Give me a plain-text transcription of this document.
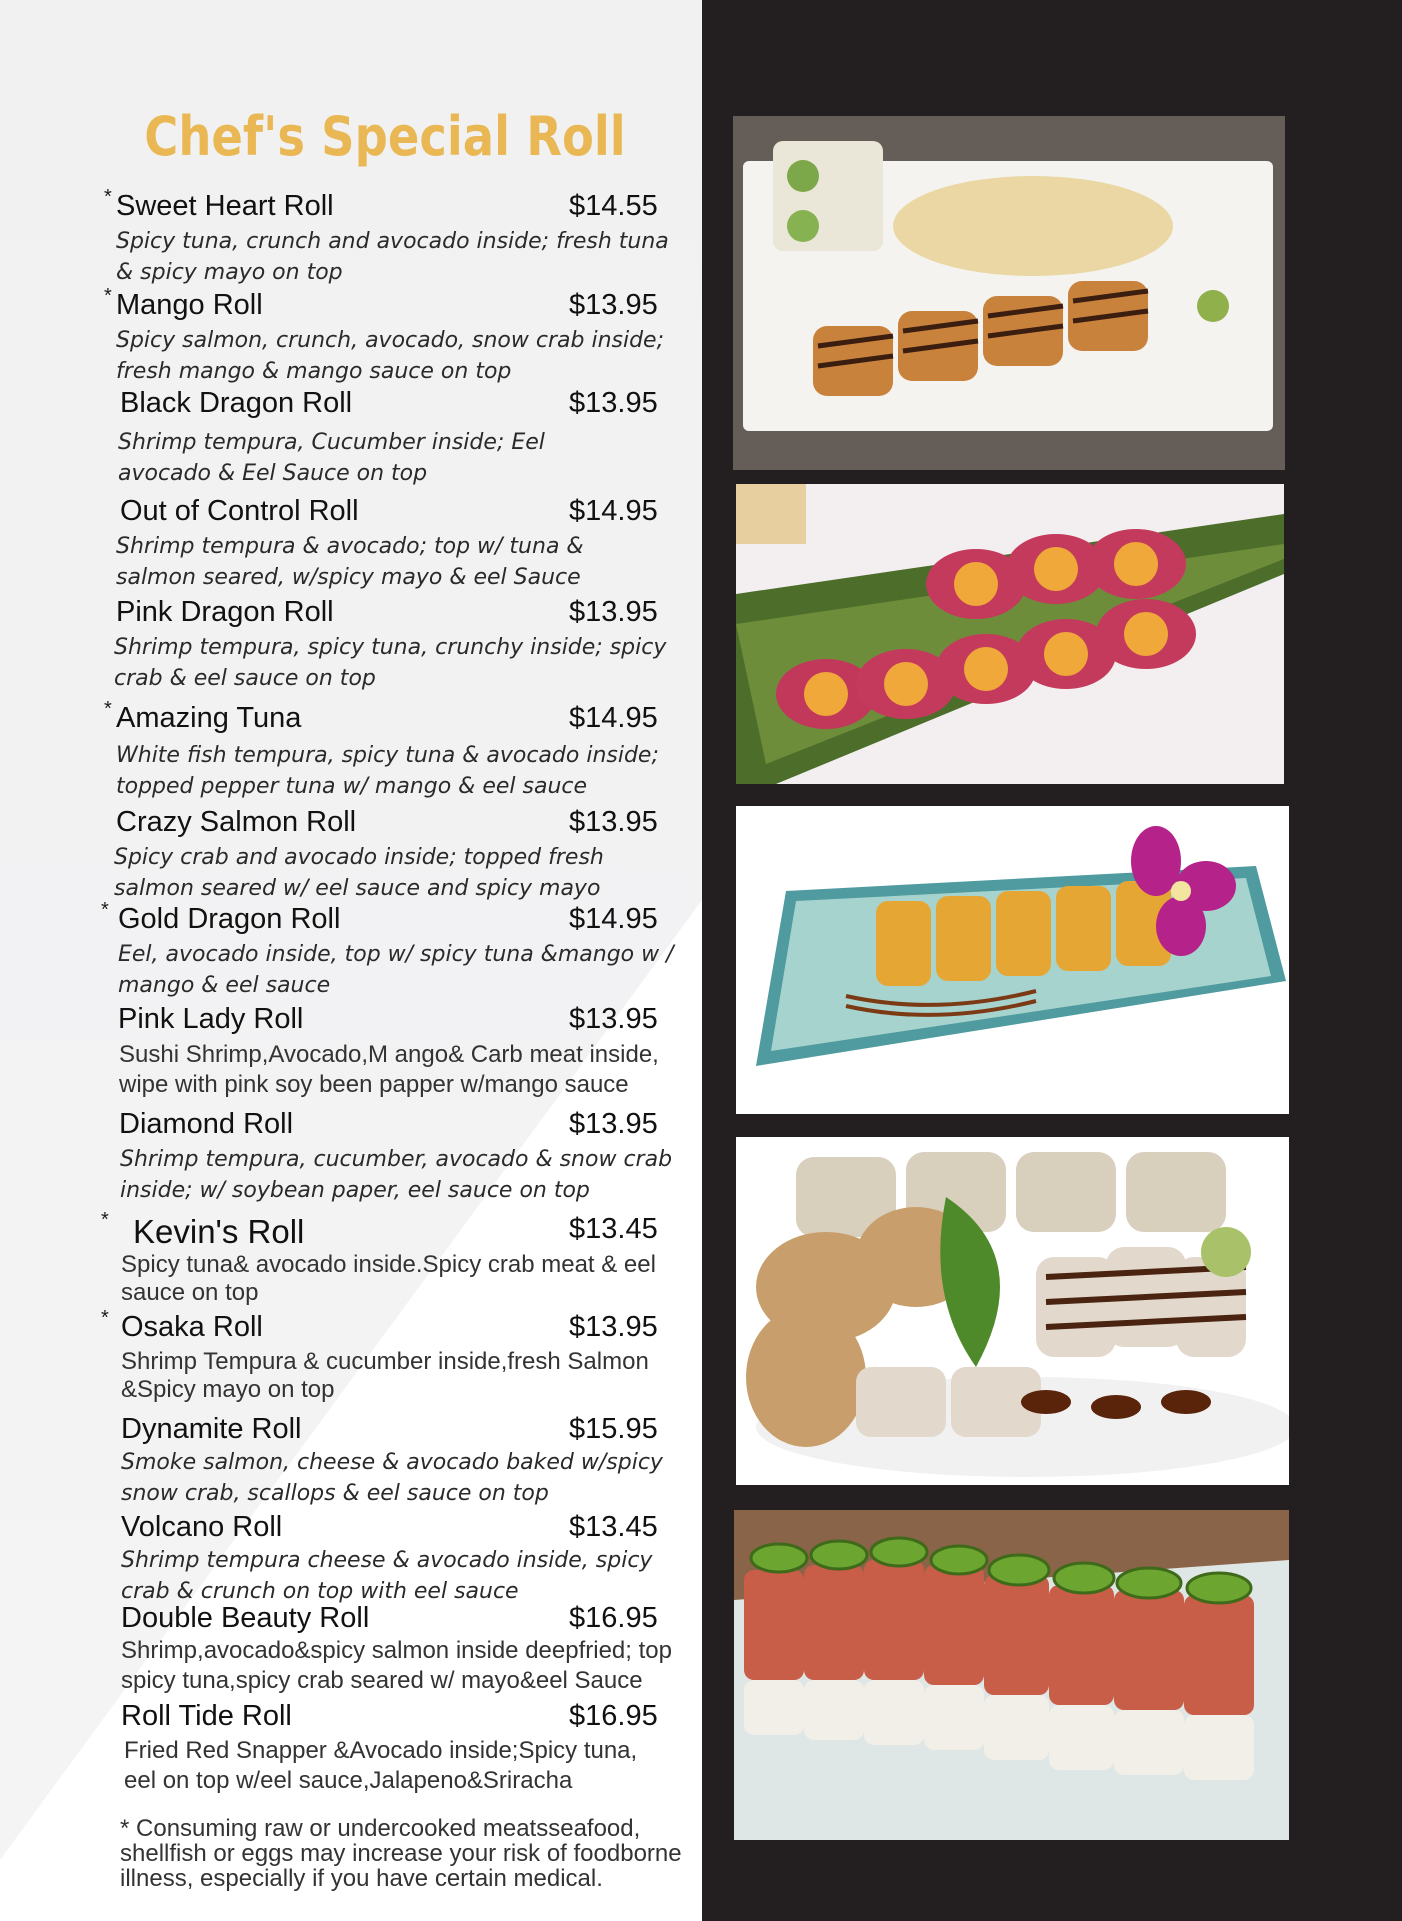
Chef's Special Roll
* Sweet Heart Roll	$14.55
Spicy tuna, crunch and avocado inside; fresh tuna
& spicy mayo on top
* Mango Roll	$13.95
Spicy salmon, crunch, avocado, snow crab inside;
fresh mango & mango sauce on top
Black Dragon Roll	$13.95
Shrimp tempura, Cucumber inside; Eel
avocado & Eel Sauce on top
Out of Control Roll	$14.95
Shrimp tempura & avocado; top w/ tuna &
salmon seared, w/spicy mayo & eel Sauce
Pink Dragon Roll	$13.95
Shrimp tempura, spicy tuna, crunchy inside; spicy
crab & eel sauce on top
* Amazing Tuna	$14.95
White fish tempura, spicy tuna & avocado inside;
topped pepper tuna w/ mango & eel sauce
Crazy Salmon Roll	$13.95
Spicy crab and avocado inside; topped fresh
salmon seared w/ eel sauce and spicy mayo
* Gold Dragon Roll	$14.95
Eel, avocado inside, top w/ spicy tuna &mango w /
mango & eel sauce
Pink Lady Roll	$13.95
Sushi Shrimp,Avocado,M ango& Carb meat inside,
wipe with pink soy been papper w/mango sauce
Diamond Roll	$13.95
Shrimp tempura, cucumber, avocado & snow crab
inside; w/ soybean paper, eel sauce on top
* Kevin's Roll	$13.45
Spicy tuna& avocado inside.Spicy crab meat & eel
sauce on top
* Osaka Roll	$13.95
Shrimp Tempura & cucumber inside,fresh Salmon
&Spicy mayo on top
Dynamite Roll	$15.95
Smoke salmon, cheese & avocado baked w/spicy
snow crab, scallops & eel sauce on top
Volcano Roll	$13.45
Shrimp tempura cheese & avocado inside, spicy
crab & crunch on top with eel sauce
Double Beauty Roll	$16.95
Shrimp,avocado&spicy salmon inside deepfried; top
spicy tuna,spicy crab seared w/ mayo&eel Sauce
Roll Tide Roll	$16.95
Fried Red Snapper &Avocado inside;Spicy tuna,
eel on top w/eel sauce,Jalapeno&Sriracha
* Consuming raw or undercooked meatsseafood,
shellfish or eggs may increase your risk of foodborne
illness, especially if you have certain medical.
